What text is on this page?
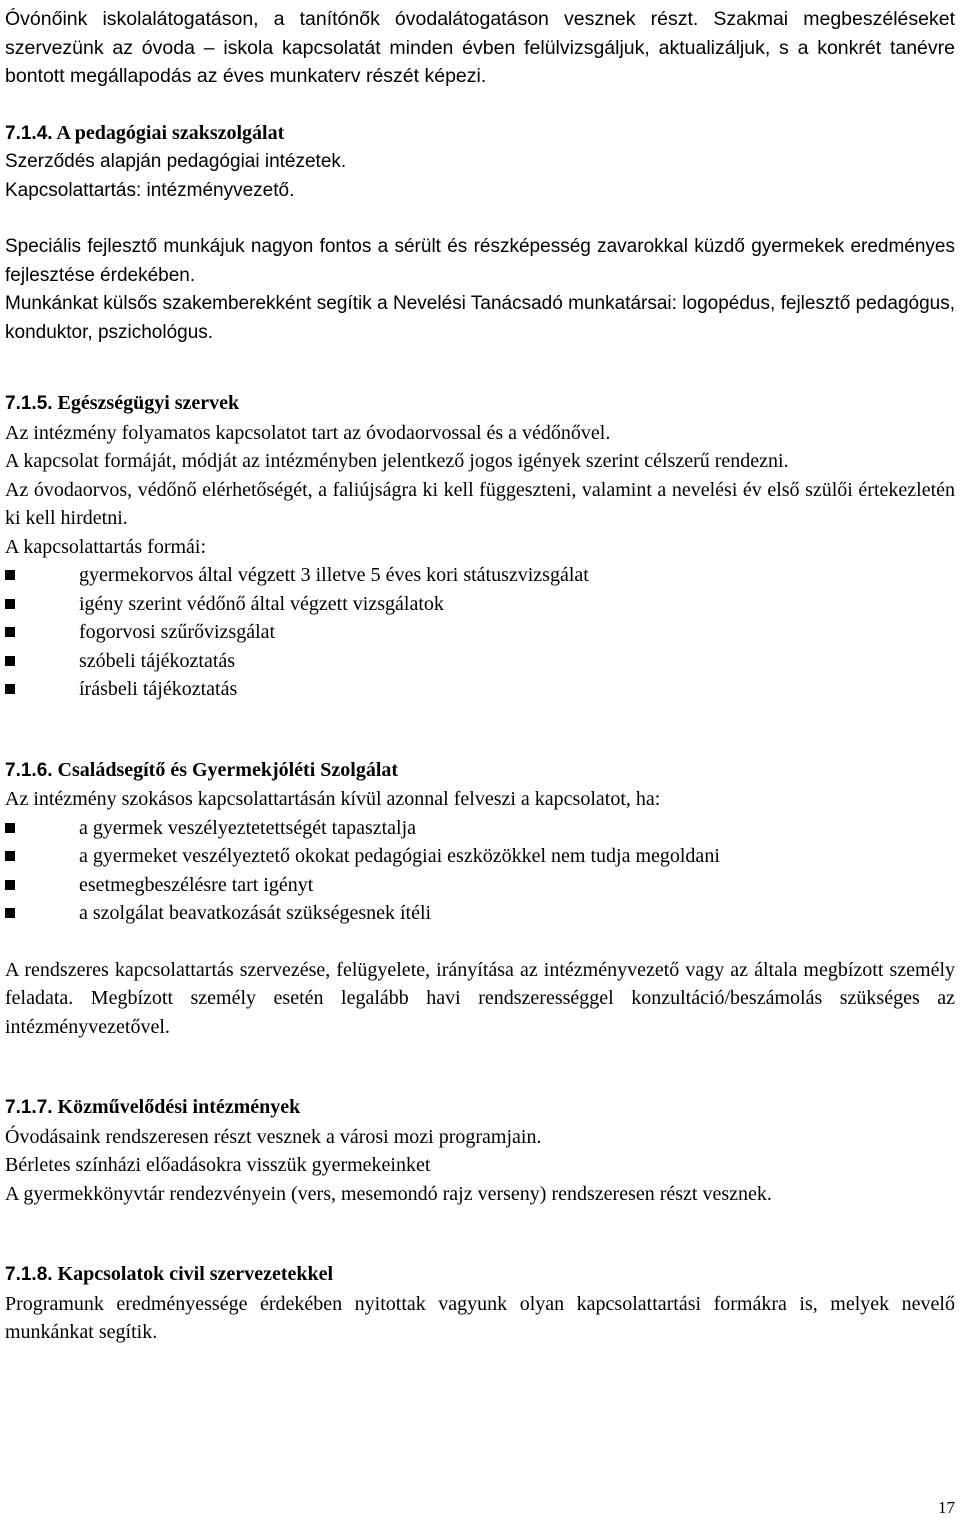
Óvónőink iskolalátogatáson, a tanítónők óvodalátogatáson vesznek részt. Szakmai megbeszéléseket szervezünk az óvoda – iskola kapcsolatát minden évben felülvizsgáljuk, aktualizáljuk, s a konkrét tanévre bontott megállapodás az éves munkaterv részét képezi.

7.1.4. A pedagógiai szakszolgálat

Szerződés alapján pedagógiai intézetek.

Kapcsolattartás: intézményvezető.

Speciális fejlesztő munkájuk nagyon fontos a sérült és részképesség zavarokkal küzdő gyermekek eredményes fejlesztése érdekében.

Munkánkat külsős szakemberekként segítik a Nevelési Tanácsadó munkatársai: logopédus, fejlesztő pedagógus, konduktor, pszichológus.

7.1.5. Egészségügyi szervek

Az intézmény folyamatos kapcsolatot tart az óvodaorvossal és a védőnővel.

A kapcsolat formáját, módját az intézményben jelentkező jogos igények szerint célszerű rendezni.

Az óvodaorvos, védőnő elérhetőségét, a faliújságra ki kell függeszteni, valamint a nevelési év első szülői értekezletén ki kell hirdetni.

A kapcsolattartás formái:

gyermekorvos által végzett 3 illetve 5 éves kori státuszvizsgálat
igény szerint védőnő által végzett vizsgálatok
fogorvosi szűrővizsgálat
szóbeli tájékoztatás
írásbeli tájékoztatás

7.1.6. Családsegítő és Gyermekjóléti Szolgálat

Az intézmény szokásos kapcsolattartásán kívül azonnal felveszi a kapcsolatot, ha:

a gyermek veszélyeztetettségét tapasztalja
a gyermeket veszélyeztető okokat pedagógiai eszközökkel nem tudja megoldani
esetmegbeszélésre tart igényt
a szolgálat beavatkozását szükségesnek ítéli

A rendszeres kapcsolattartás szervezése, felügyelete, irányítása az intézményvezető vagy az általa megbízott személy feladata. Megbízott személy esetén legalább havi rendszerességgel konzultáció/beszámolás szükséges az intézményvezetővel.

7.1.7. Közművelődési intézmények

Óvodásaink rendszeresen részt vesznek a városi mozi programjain.

Bérletes színházi előadásokra visszük gyermekeinket

A gyermekkönyvtár rendezvényein (vers, mesemondó rajz verseny) rendszeresen részt vesznek.

7.1.8. Kapcsolatok civil szervezetekkel

Programunk eredményessége érdekében nyitottak vagyunk olyan kapcsolattartási formákra is, melyek nevelő munkánkat segítik.

17
